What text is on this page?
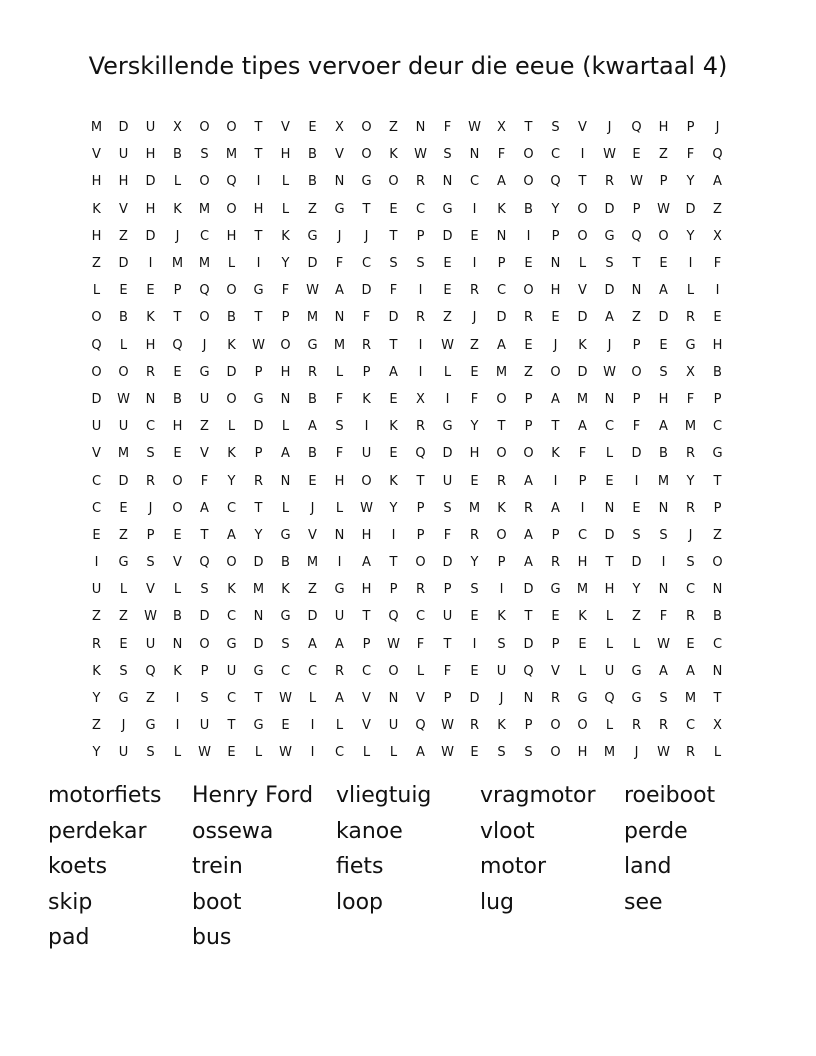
Verskillende tipes vervoer deur die eeue (kwartaal 4)
M	D	U	X	O	O	T	V	E	X	O	Z	N	F	W	X	T	S	V	J	Q	H	P	J
V	U	H	B	S	M	T	H	B	V	O	K	W	S	N	F	O	C	I	W	E	Z	F	Q
H	H	D	L	O	Q	I	L	B	N	G	O	R	N	C	A	O	Q	T	R	W	P	Y	A
K	V	H	K	M	O	H	L	Z	G	T	E	C	G	I	K	B	Y	O	D	P	W	D	Z
H	Z	D	J	C	H	T	K	G	J	J	T	P	D	E	N	I	P	O	G	Q	O	Y	X
Z	D	I	M	M	L	I	Y	D	F	C	S	S	E	I	P	E	N	L	S	T	E	I	F
L	E	E	P	Q	O	G	F	W	A	D	F	I	E	R	C	O	H	V	D	N	A	L	I
O	B	K	T	O	B	T	P	M	N	F	D	R	Z	J	D	R	E	D	A	Z	D	R	E
Q	L	H	Q	J	K	W	O	G	M	R	T	I	W	Z	A	E	J	K	J	P	E	G	H
O	O	R	E	G	D	P	H	R	L	P	A	I	L	E	M	Z	O	D	W	O	S	X	B
D	W	N	B	U	O	G	N	B	F	K	E	X	I	F	O	P	A	M	N	P	H	F	P
U	U	C	H	Z	L	D	L	A	S	I	K	R	G	Y	T	P	T	A	C	F	A	M	C
V	M	S	E	V	K	P	A	B	F	U	E	Q	D	H	O	O	K	F	L	D	B	R	G
C	D	R	O	F	Y	R	N	E	H	O	K	T	U	E	R	A	I	P	E	I	M	Y	T
C	E	J	O	A	C	T	L	J	L	W	Y	P	S	M	K	R	A	I	N	E	N	R	P
E	Z	P	E	T	A	Y	G	V	N	H	I	P	F	R	O	A	P	C	D	S	S	J	Z
I	G	S	V	Q	O	D	B	M	I	A	T	O	D	Y	P	A	R	H	T	D	I	S	O
U	L	V	L	S	K	M	K	Z	G	H	P	R	P	S	I	D	G	M	H	Y	N	C	N
Z	Z	W	B	D	C	N	G	D	U	T	Q	C	U	E	K	T	E	K	L	Z	F	R	B
R	E	U	N	O	G	D	S	A	A	P	W	F	T	I	S	D	P	E	L	L	W	E	C
K	S	Q	K	P	U	G	C	C	R	C	O	L	F	E	U	Q	V	L	U	G	A	A	N
Y	G	Z	I	S	C	T	W	L	A	V	N	V	P	D	J	N	R	G	Q	G	S	M	T
Z	J	G	I	U	T	G	E	I	L	V	U	Q	W	R	K	P	O	O	L	R	R	C	X
Y	U	S	L	W	E	L	W	I	C	L	L	A	W	E	S	S	O	H	M	J	W	R	L
motorfiets	Henry Ford	vliegtuig	vragmotor	roeiboot
perdekar	ossewa	kanoe	vloot	perde
koets	trein	fiets	motor	land
skip	boot	loop	lug	see
pad	bus
